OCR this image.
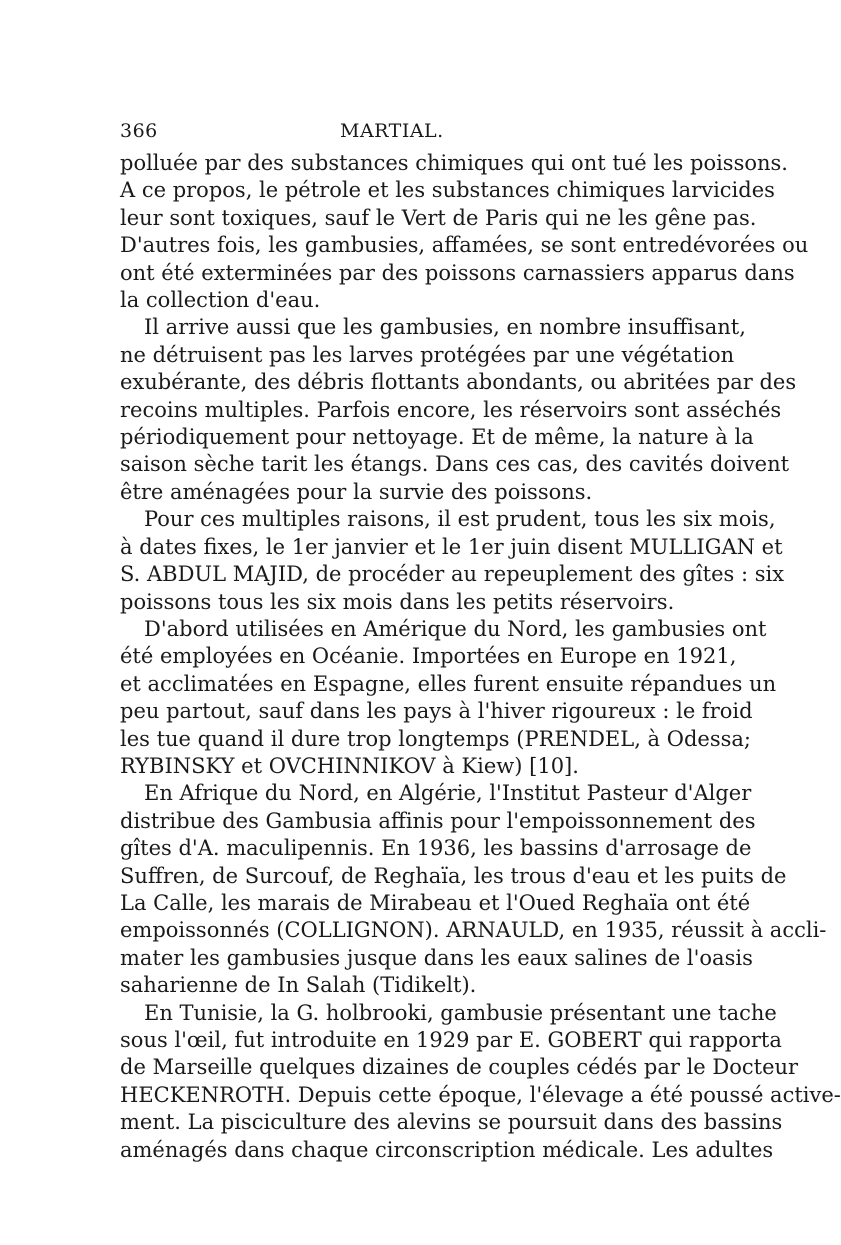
366	MARTIAL.
polluée par des substances chimiques qui ont tué les poissons.
A ce propos, le pétrole et les substances chimiques larvicides
leur sont toxiques, sauf le Vert de Paris qui ne les gêne pas.
D'autres fois, les gambusies, affamées, se sont entredévorées ou
ont été exterminées par des poissons carnassiers apparus dans
la collection d'eau.
Il arrive aussi que les gambusies, en nombre insuffisant,
ne détruisent pas les larves protégées par une végétation
exubérante, des débris flottants abondants, ou abritées par des
recoins multiples. Parfois encore, les réservoirs sont asséchés
périodiquement pour nettoyage. Et de même, la nature à la
saison sèche tarit les étangs. Dans ces cas, des cavités doivent
être aménagées pour la survie des poissons.
Pour ces multiples raisons, il est prudent, tous les six mois,
à dates fixes, le 1er janvier et le 1er juin disent MULLIGAN et
S. ABDUL MAJID, de procéder au repeuplement des gîtes : six
poissons tous les six mois dans les petits réservoirs.
D'abord utilisées en Amérique du Nord, les gambusies ont
été employées en Océanie. Importées en Europe en 1921,
et acclimatées en Espagne, elles furent ensuite répandues un
peu partout, sauf dans les pays à l'hiver rigoureux : le froid
les tue quand il dure trop longtemps (PRENDEL, à Odessa;
RYBINSKY et OVCHINNIKOV à Kiew) [10].
En Afrique du Nord, en Algérie, l'Institut Pasteur d'Alger
distribue des Gambusia affinis pour l'empoissonnement des
gîtes d'A. maculipennis. En 1936, les bassins d'arrosage de
Suffren, de Surcouf, de Reghaïa, les trous d'eau et les puits de
La Calle, les marais de Mirabeau et l'Oued Reghaïa ont été
empoissonnés (COLLIGNON). ARNAULD, en 1935, réussit à accli-
mater les gambusies jusque dans les eaux salines de l'oasis
saharienne de In Salah (Tidikelt).
En Tunisie, la G. holbrooki, gambusie présentant une tache
sous l'œil, fut introduite en 1929 par E. GOBERT qui rapporta
de Marseille quelques dizaines de couples cédés par le Docteur
HECKENROTH. Depuis cette époque, l'élevage a été poussé active-
ment. La pisciculture des alevins se poursuit dans des bassins
aménagés dans chaque circonscription médicale. Les adultes
